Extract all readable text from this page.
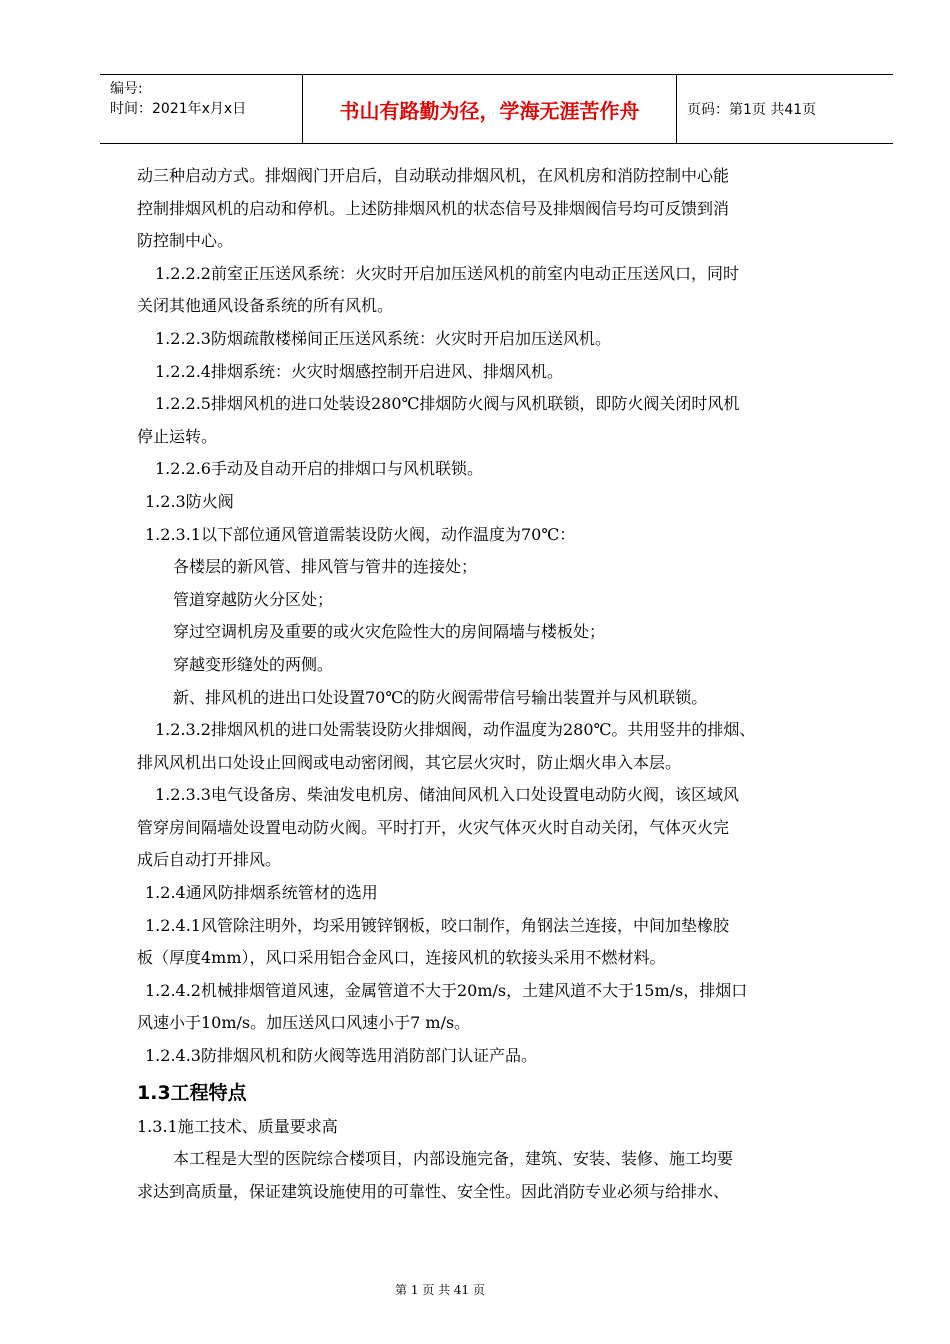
编号:
时间：2021年x月x日	书山有路勤为径，学海无涯苦作舟	页码：第1页 共41页

动三种启动方式。排烟阀门开启后，自动联动排烟风机，在风机房和消防控制中心能

控制排烟风机的启动和停机。上述防排烟风机的状态信号及排烟阀信号均可反馈到消

防控制中心。

1.2.2.2前室正压送风系统：火灾时开启加压送风机的前室内电动正压送风口，同时

关闭其他通风设备系统的所有风机。

1.2.2.3防烟疏散楼梯间正压送风系统：火灾时开启加压送风机。

1.2.2.4排烟系统：火灾时烟感控制开启进风、排烟风机。

1.2.2.5排烟风机的进口处装设280℃排烟防火阀与风机联锁，即防火阀关闭时风机

停止运转。

1.2.2.6手动及自动开启的排烟口与风机联锁。

1.2.3防火阀

1.2.3.1以下部位通风管道需装设防火阀，动作温度为70℃：

各楼层的新风管、排风管与管井的连接处；

管道穿越防火分区处；

穿过空调机房及重要的或火灾危险性大的房间隔墙与楼板处；

穿越变形缝处的两侧。

新、排风机的进出口处设置70℃的防火阀需带信号输出装置并与风机联锁。

1.2.3.2排烟风机的进口处需装设防火排烟阀，动作温度为280℃。共用竖井的排烟、

排风风机出口处设止回阀或电动密闭阀，其它层火灾时，防止烟火串入本层。

1.2.3.3电气设备房、柴油发电机房、储油间风机入口处设置电动防火阀，该区域风

管穿房间隔墙处设置电动防火阀。平时打开，火灾气体灭火时自动关闭，气体灭火完

成后自动打开排风。

1.2.4通风防排烟系统管材的选用

1.2.4.1风管除注明外，均采用镀锌钢板，咬口制作，角钢法兰连接，中间加垫橡胶

板（厚度4mm），风口采用铝合金风口，连接风机的软接头采用不燃材料。

1.2.4.2机械排烟管道风速，金属管道不大于20m/s，土建风道不大于15m/s，排烟口

风速小于10m/s。加压送风口风速小于7 m/s。

1.2.4.3防排烟风机和防火阀等选用消防部门认证产品。

1.3工程特点

1.3.1施工技术、质量要求高

本工程是大型的医院综合楼项目，内部设施完备，建筑、安装、装修、施工均要

求达到高质量，保证建筑设施使用的可靠性、安全性。因此消防专业必须与给排水、

第 1 页 共 41 页
